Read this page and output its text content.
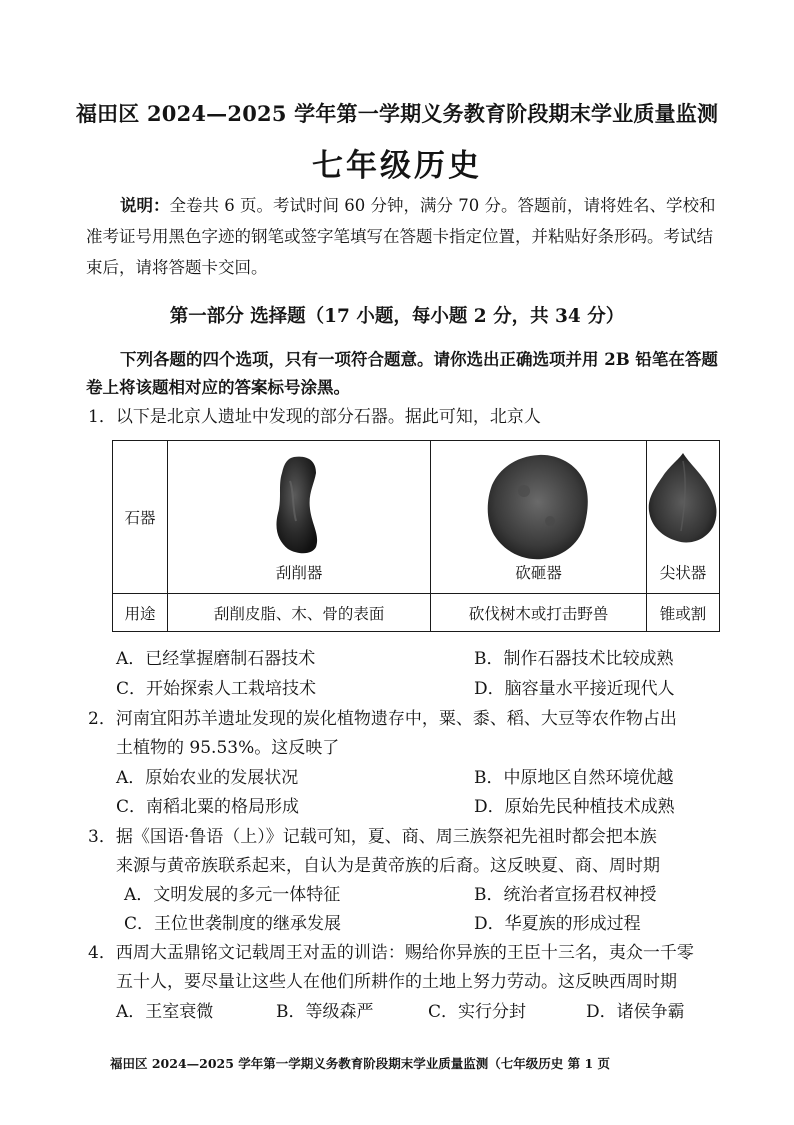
福田区 2024—2025 学年第一学期义务教育阶段期末学业质量监测
七年级历史
说明：全卷共 6 页。考试时间 60 分钟，满分 70 分。答题前，请将姓名、学校和准考证号用黑色字迹的钢笔或签字笔填写在答题卡指定位置，并粘贴好条形码。考试结束后，请将答题卡交回。
第一部分 选择题（17 小题，每小题 2 分，共 34 分）
下列各题的四个选项，只有一项符合题意。请你选出正确选项并用 2B 铅笔在答题卷上将该题相对应的答案标号涂黑。
1．以下是北京人遗址中发现的部分石器。据此可知，北京人
石器	刮削器	砍砸器	尖状器

用途	刮削皮脂、木、骨的表面	砍伐树木或打击野兽	锥或割
A．已经掌握磨制石器技术	B．制作石器技术比较成熟
C．开始探索人工栽培技术	D．脑容量水平接近现代人
2．河南宜阳苏羊遗址发现的炭化植物遗存中，粟、黍、稻、大豆等农作物占出
土植物的 95.53%。这反映了
A．原始农业的发展状况	B．中原地区自然环境优越
C．南稻北粟的格局形成	D．原始先民种植技术成熟
3．据《国语·鲁语（上）》记载可知，夏、商、周三族祭祀先祖时都会把本族
来源与黄帝族联系起来，自认为是黄帝族的后裔。这反映夏、商、周时期
A．文明发展的多元一体特征	B．统治者宣扬君权神授
C．王位世袭制度的继承发展	D．华夏族的形成过程
4．西周大盂鼎铭文记载周王对盂的训诰：赐给你异族的王臣十三名，夷众一千零
五十人，要尽量让这些人在他们所耕作的土地上努力劳动。这反映西周时期
A．王室衰微	B．等级森严	C．实行分封	D．诸侯争霸
福田区 2024—2025 学年第一学期义务教育阶段期末学业质量监测（七年级历史 第 1 页
